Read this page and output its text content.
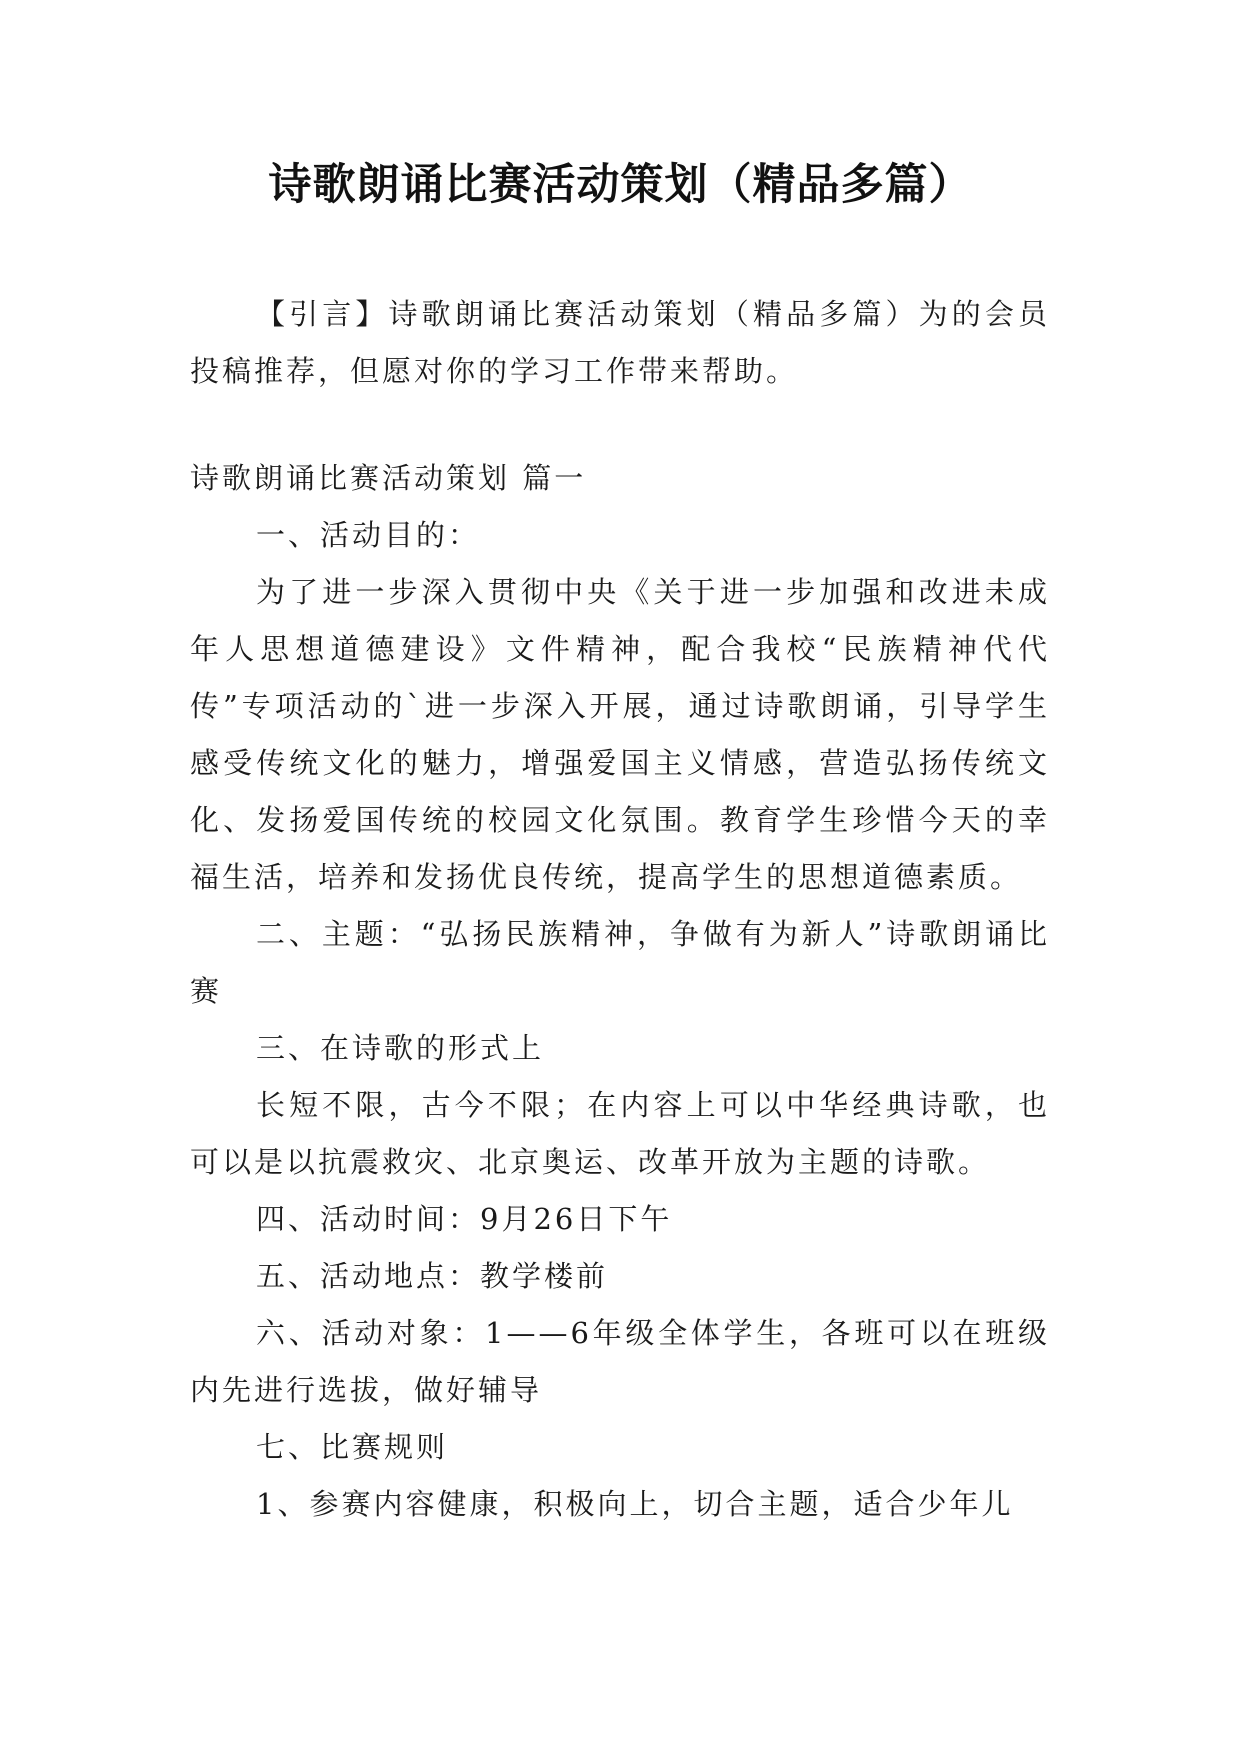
诗歌朗诵比赛活动策划（精品多篇）

【引言】诗歌朗诵比赛活动策划（精品多篇）为的会员投稿推荐，但愿对你的学习工作带来帮助。

诗歌朗诵比赛活动策划 篇一

一、活动目的：

为了进一步深入贯彻中央《关于进一步加强和改进未成年人思想道德建设》文件精神，配合我校“民族精神代代传”专项活动的`进一步深入开展，通过诗歌朗诵，引导学生感受传统文化的魅力，增强爱国主义情感，营造弘扬传统文化、发扬爱国传统的校园文化氛围。教育学生珍惜今天的幸福生活，培养和发扬优良传统，提高学生的思想道德素质。

二、主题：“弘扬民族精神，争做有为新人”诗歌朗诵比赛

三、在诗歌的形式上

长短不限，古今不限；在内容上可以中华经典诗歌，也可以是以抗震救灾、北京奥运、改革开放为主题的诗歌。

四、活动时间：9月26日下午

五、活动地点：教学楼前

六、活动对象：1——6年级全体学生，各班可以在班级内先进行选拔，做好辅导

七、比赛规则

1、参赛内容健康，积极向上，切合主题，适合少年儿
